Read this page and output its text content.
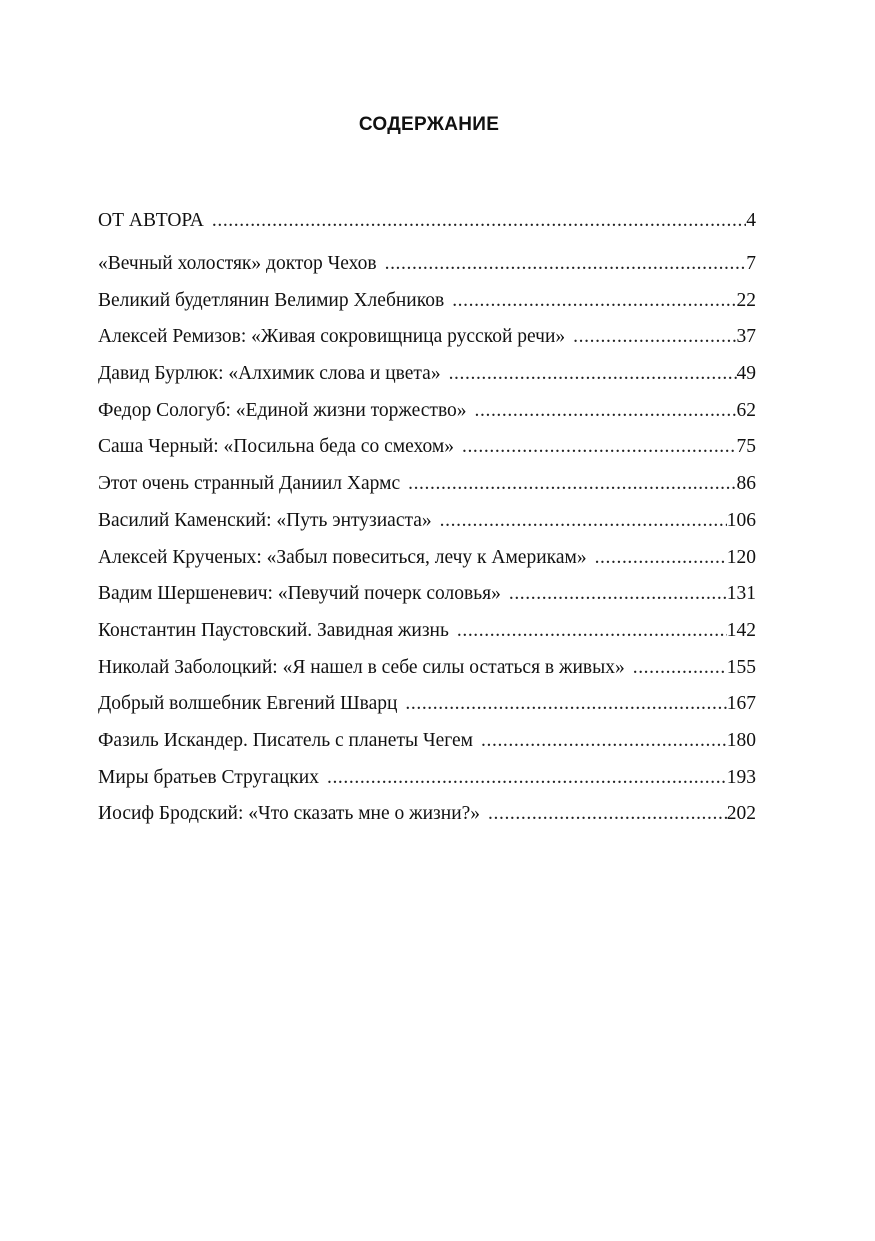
СОДЕРЖАНИЕ
ОТ АВТОРА .....	4
«Вечный холостяк» доктор Чехов .....	7
Великий будетлянин Велимир Хлебников .....	22
Алексей Ремизов: «Живая сокровищница русской речи» .....	37
Давид Бурлюк: «Алхимик слова и цвета» .....	49
Федор Сологуб: «Единой жизни торжество» .....	62
Саша Черный: «Посильна беда со смехом» .....	75
Этот очень странный Даниил Хармс .....	86
Василий Каменский: «Путь энтузиаста» .....	106
Алексей Крученых: «Забыл повеситься, лечу к Америкам» .....	120
Вадим Шершеневич: «Певучий почерк соловья» .....	131
Константин Паустовский. Завидная жизнь .....	142
Николай Заболоцкий: «Я нашел в себе силы остаться в живых» .....	155
Добрый волшебник Евгений Шварц .....	167
Фазиль Искандер. Писатель с планеты Чегем .....	180
Миры братьев Стругацких .....	193
Иосиф Бродский: «Что сказать мне о жизни?» .....	202
